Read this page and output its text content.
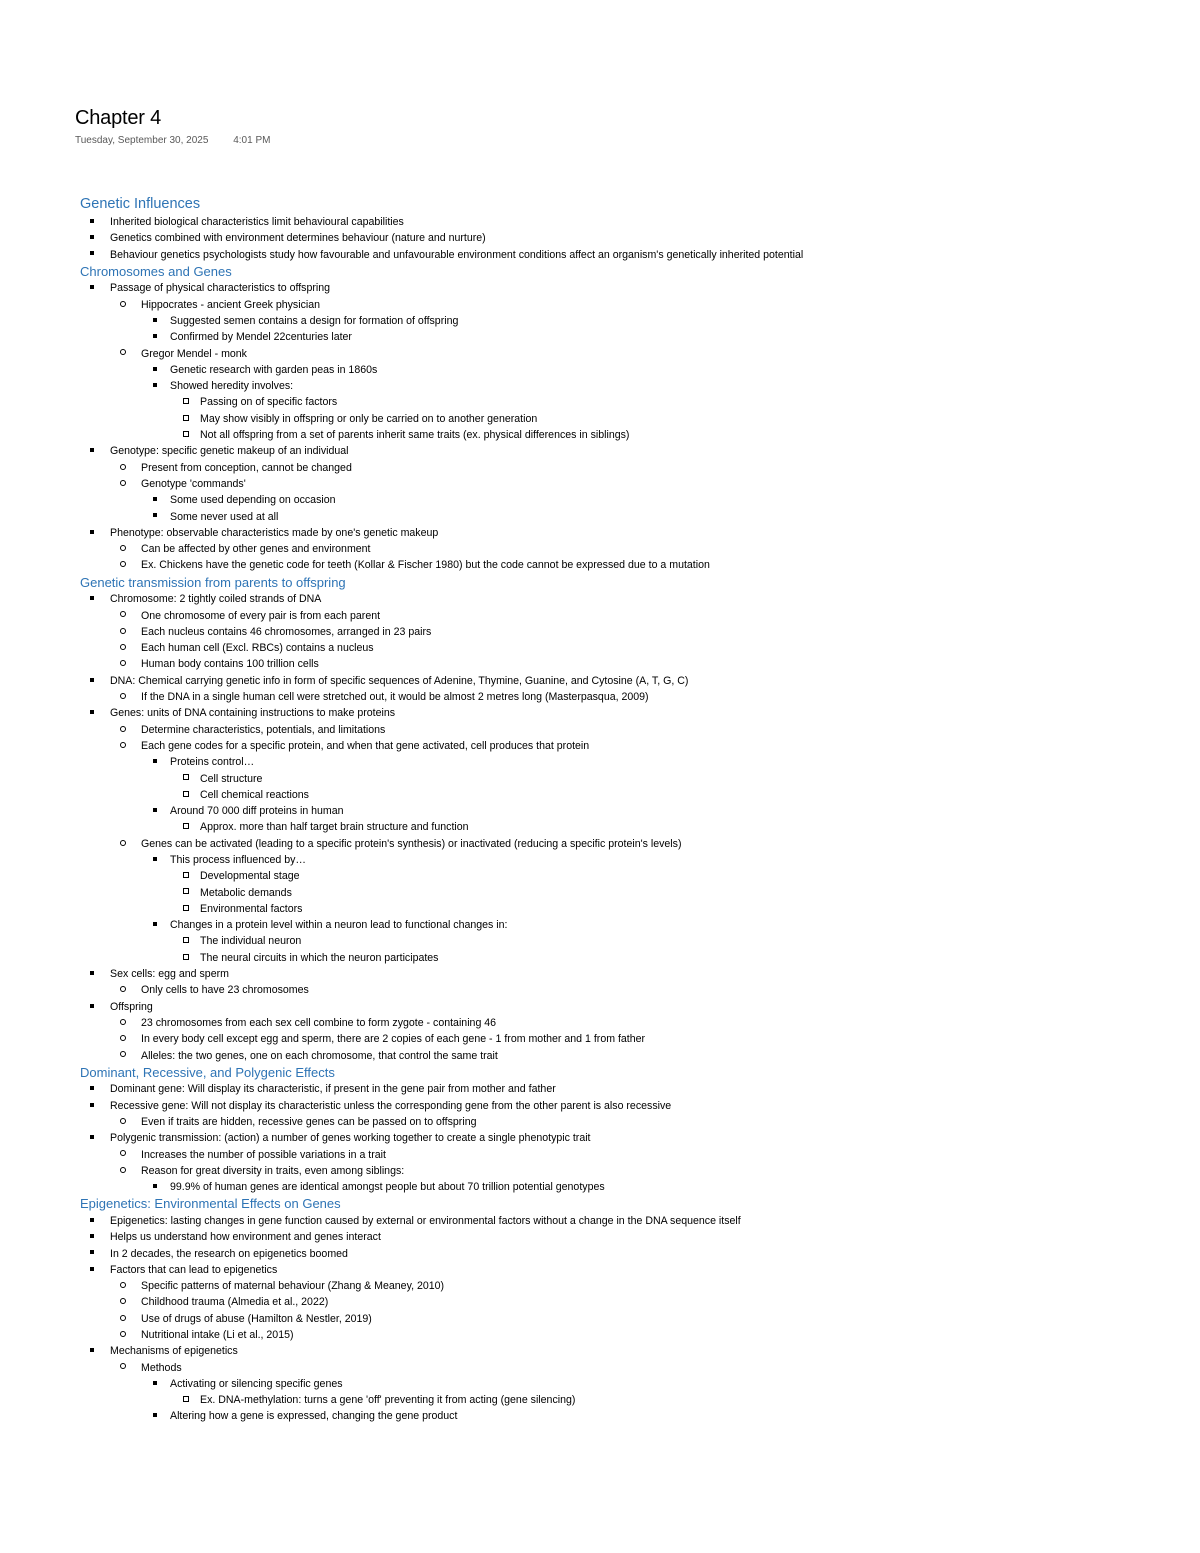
Chapter 4
Tuesday, September 30, 2025 4:01 PM
Genetic Influences
Inherited biological characteristics limit behavioural capabilities
Genetics combined with environment determines behaviour (nature and nurture)
Behaviour genetics psychologists study how favourable and unfavourable environment conditions affect an organism's genetically inherited potential
Chromosomes and Genes
Passage of physical characteristics to offspring
Hippocrates - ancient Greek physician
Suggested semen contains a design for formation of offspring
Confirmed by Mendel 22centuries later
Gregor Mendel - monk
Genetic research with garden peas in 1860s
Showed heredity involves:
Passing on of specific factors
May show visibly in offspring or only be carried on to another generation
Not all offspring from a set of parents inherit same traits (ex. physical differences in siblings)
Genotype: specific genetic makeup of an individual
Present from conception, cannot be changed
Genotype 'commands'
Some used depending on occasion
Some never used at all
Phenotype: observable characteristics made by one's genetic makeup
Can be affected by other genes and environment
Ex. Chickens have the genetic code for teeth (Kollar & Fischer 1980) but the code cannot be expressed due to a mutation
Genetic transmission from parents to offspring
Chromosome: 2 tightly coiled strands of DNA
One chromosome of every pair is from each parent
Each nucleus contains 46 chromosomes, arranged in 23 pairs
Each human cell (Excl. RBCs) contains a nucleus
Human body contains 100 trillion cells
DNA: Chemical carrying genetic info in form of specific sequences of Adenine, Thymine, Guanine, and Cytosine (A, T, G, C)
If the DNA in a single human cell were stretched out, it would be almost 2 metres long (Masterpasqua, 2009)
Genes: units of DNA containing instructions to make proteins
Determine characteristics, potentials, and limitations
Each gene codes for a specific protein, and when that gene activated, cell produces that protein
Proteins control…
Cell structure
Cell chemical reactions
Around 70 000 diff proteins in human
Approx. more than half target brain structure and function
Genes can be activated (leading to a specific protein's synthesis) or inactivated (reducing a specific protein's levels)
This process influenced by…
Developmental stage
Metabolic demands
Environmental factors
Changes in a protein level within a neuron lead to functional changes in:
The individual neuron
The neural circuits in which the neuron participates
Sex cells: egg and sperm
Only cells to have 23 chromosomes
Offspring
23 chromosomes from each sex cell combine to form zygote - containing 46
In every body cell except egg and sperm, there are 2 copies of each gene - 1 from mother and 1 from father
Alleles: the two genes, one on each chromosome, that control the same trait
Dominant, Recessive, and Polygenic Effects
Dominant gene: Will display its characteristic, if present in the gene pair from mother and father
Recessive gene: Will not display its characteristic unless the corresponding gene from the other parent is also recessive
Even if traits are hidden, recessive genes can be passed on to offspring
Polygenic transmission: (action) a number of genes working together to create a single phenotypic trait
Increases the number of possible variations in a trait
Reason for great diversity in traits, even among siblings:
99.9% of human genes are identical amongst people but about 70 trillion potential genotypes
Epigenetics: Environmental Effects on Genes
Epigenetics: lasting changes in gene function caused by external or environmental factors without a change in the DNA sequence itself
Helps us understand how environment and genes interact
In 2 decades, the research on epigenetics boomed
Factors that can lead to epigenetics
Specific patterns of maternal behaviour (Zhang & Meaney, 2010)
Childhood trauma (Almedia et al., 2022)
Use of drugs of abuse (Hamilton & Nestler, 2019)
Nutritional intake (Li et al., 2015)
Mechanisms of epigenetics
Methods
Activating or silencing specific genes
Ex. DNA-methylation: turns a gene 'off' preventing it from acting (gene silencing)
Altering how a gene is expressed, changing the gene product
